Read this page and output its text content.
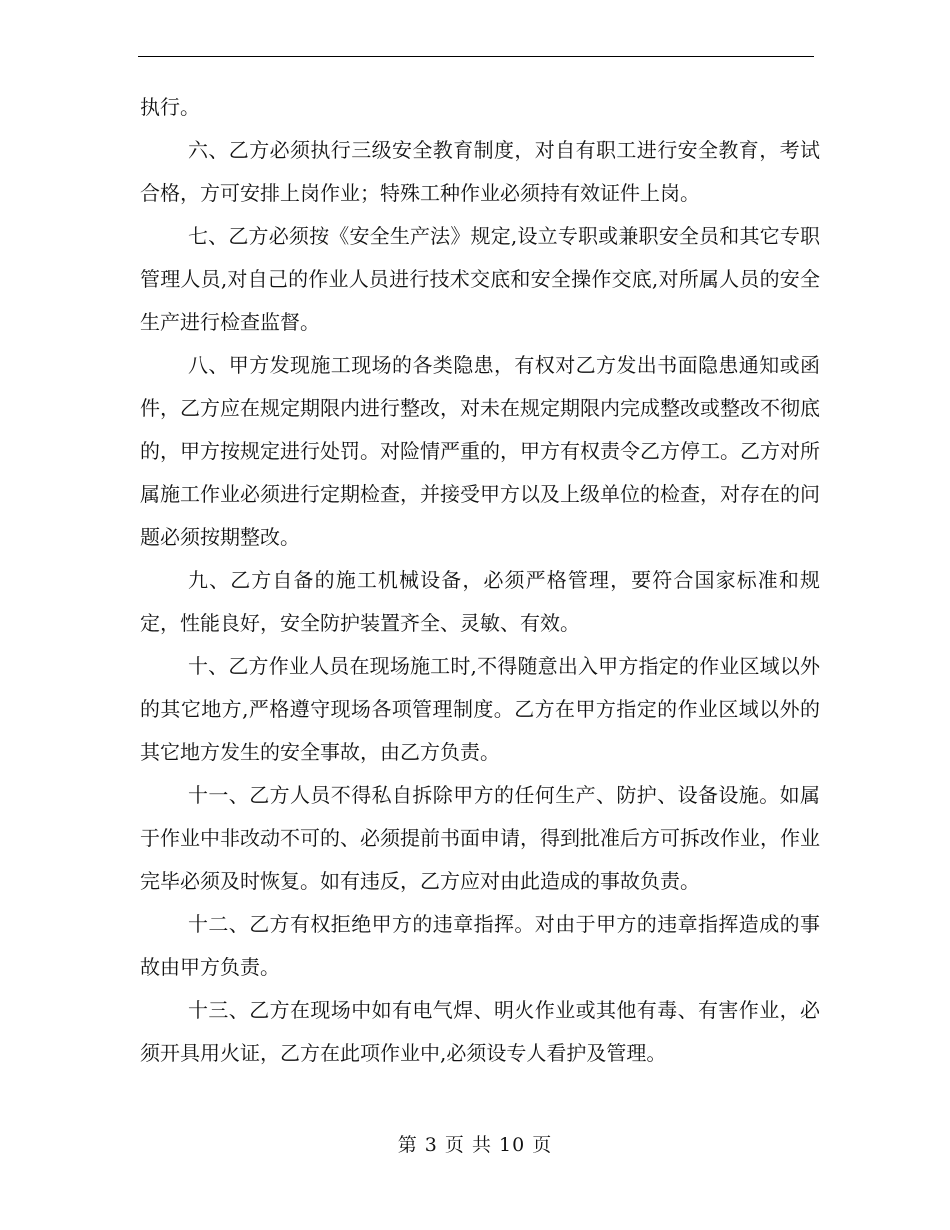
执行。

六、乙方必须执行三级安全教育制度，对自有职工进行安全教育，考试合格，方可安排上岗作业；特殊工种作业必须持有效证件上岗。

七、乙方必须按《安全生产法》规定,设立专职或兼职安全员和其它专职管理人员,对自己的作业人员进行技术交底和安全操作交底,对所属人员的安全生产进行检查监督。

八、甲方发现施工现场的各类隐患，有权对乙方发出书面隐患通知或函件，乙方应在规定期限内进行整改，对未在规定期限内完成整改或整改不彻底的，甲方按规定进行处罚。对险情严重的，甲方有权责令乙方停工。乙方对所属施工作业必须进行定期检查，并接受甲方以及上级单位的检查，对存在的问题必须按期整改。

九、乙方自备的施工机械设备，必须严格管理，要符合国家标准和规定，性能良好，安全防护装置齐全、灵敏、有效。

十、乙方作业人员在现场施工时,不得随意出入甲方指定的作业区域以外的其它地方,严格遵守现场各项管理制度。乙方在甲方指定的作业区域以外的其它地方发生的安全事故，由乙方负责。

十一、乙方人员不得私自拆除甲方的任何生产、防护、设备设施。如属于作业中非改动不可的、必须提前书面申请，得到批准后方可拆改作业，作业完毕必须及时恢复。如有违反，乙方应对由此造成的事故负责。

十二、乙方有权拒绝甲方的违章指挥。对由于甲方的违章指挥造成的事故由甲方负责。

十三、乙方在现场中如有电气焊、明火作业或其他有毒、有害作业，必须开具用火证，乙方在此项作业中,必须设专人看护及管理。

第 3 页 共 10 页
